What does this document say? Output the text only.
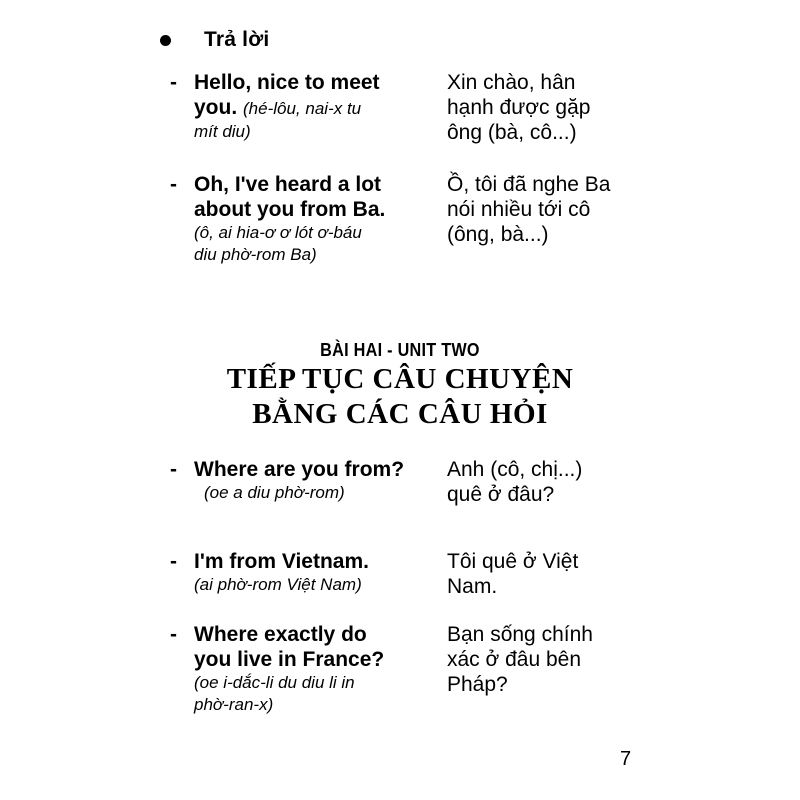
Trả lời
- Hello, nice to meet
you. (hé-lôu, nai-x tu
mít diu)
Xin chào, hân
hạnh được gặp
ông (bà, cô...)
- Oh, I've heard a lot
about you from Ba.
(ô, ai hia-ơ ơ lót ơ-báu
diu phờ-rom Ba)
Ồ, tôi đã nghe Ba
nói nhiều tới cô
(ông, bà...)
BÀI HAI - UNIT TWO
TIẾP TỤC CÂU CHUYỆN
BẰNG CÁC CÂU HỎI
- Where are you from?
(oe a diu phờ-rom)
Anh (cô, chị...)
quê ở đâu?
- I'm from Vietnam.
(ai phờ-rom Việt Nam)
Tôi quê ở Việt
Nam.
- Where exactly do
you live in France?
(oe i-dắc-li du diu li in
phờ-ran-x)
Bạn sống chính
xác ở đâu bên
Pháp?
7
